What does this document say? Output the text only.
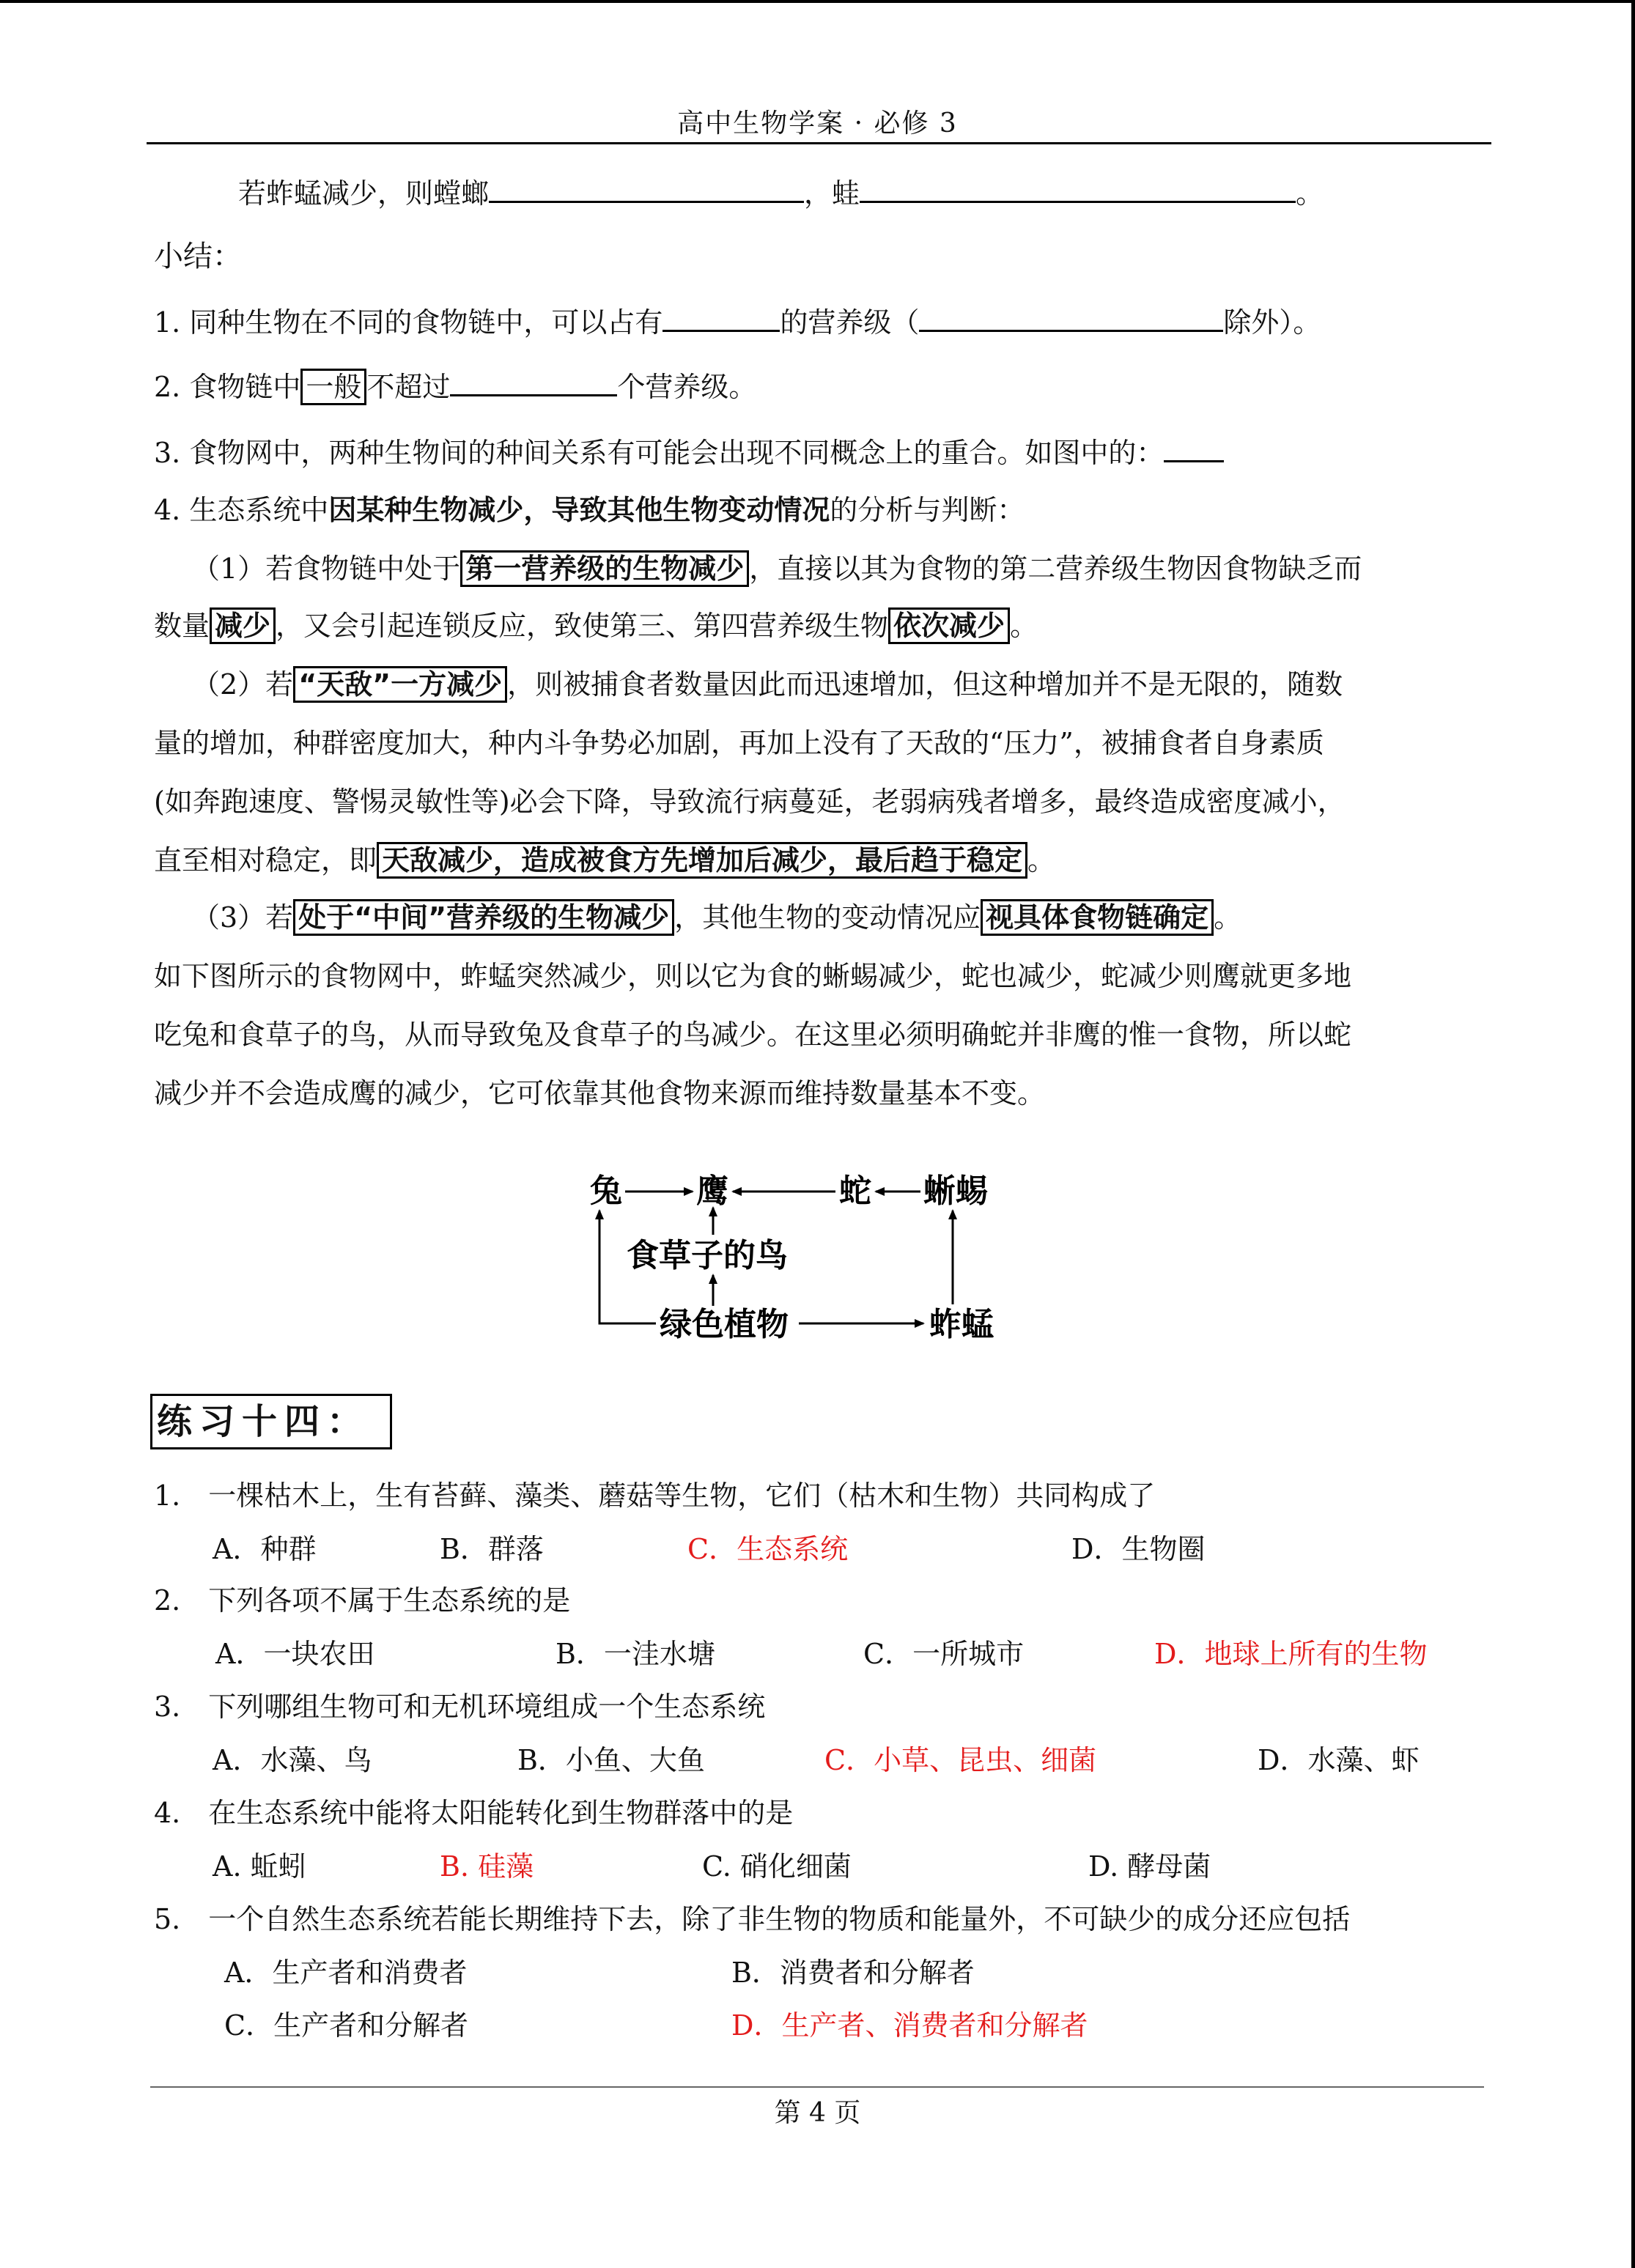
高中生物学案 · 必修 3
若蚱蜢减少，则螳螂	，蛙	。
小结：
1. 同种生物在不同的食物链中，可以占有	的营养级（	除外）。
2. 食物链中 一般 不超过	个营养级。
3. 食物网中，两种生物间的种间关系有可能会出现不同概念上的重合。如图中的：
4. 生态系统中因某种生物减少，导致其他生物变动情况的分析与判断：
（1）若食物链中处于 第一营养级的生物减少 ，直接以其为食物的第二营养级生物因食物缺乏而
数量 减少 ，又会引起连锁反应，致使第三、第四营养级生物 依次减少 。
（2）若 “天敌”一方减少 ，则被捕食者数量因此而迅速增加，但这种增加并不是无限的，随数
量的增加，种群密度加大，种内斗争势必加剧，再加上没有了天敌的“压力”，被捕食者自身素质
(如奔跑速度、警惕灵敏性等)必会下降，导致流行病蔓延，老弱病残者增多，最终造成密度减小，
直至相对稳定，即 天敌减少，造成被食方先增加后减少，最后趋于稳定 。
（3）若 处于“中间”营养级的生物减少 ，其他生物的变动情况应 视具体食物链确定 。
如下图所示的食物网中，蚱蜢突然减少，则以它为食的蜥蜴减少，蛇也减少，蛇减少则鹰就更多地
吃兔和食草子的鸟，从而导致兔及食草子的鸟减少。在这里必须明确蛇并非鹰的惟一食物，所以蛇
减少并不会造成鹰的减少，它可依靠其他食物来源而维持数量基本不变。
兔 鹰	蛇 蜥蜴
食草子的鸟
绿色植物	蚱蜢
练习十四：
1.　一棵枯木上，生有苔藓、藻类、蘑菇等生物，它们（枯木和生物）共同构成了
A．种群	B．群落	C．生态系统	D．生物圈
2.　下列各项不属于生态系统的是
A．一块农田	B．一洼水塘	C．一所城市	D．地球上所有的生物
3.　下列哪组生物可和无机环境组成一个生态系统
A．水藻、鸟	B．小鱼、大鱼	C．小草、昆虫、细菌	D．水藻、虾
4.　在生态系统中能将太阳能转化到生物群落中的是
A. 蚯蚓	B. 硅藻	C. 硝化细菌	D. 酵母菌
5.　一个自然生态系统若能长期维持下去，除了非生物的物质和能量外，不可缺少的成分还应包括
A．生产者和消费者	B．消费者和分解者
C．生产者和分解者	D．生产者、消费者和分解者
第 4 页
